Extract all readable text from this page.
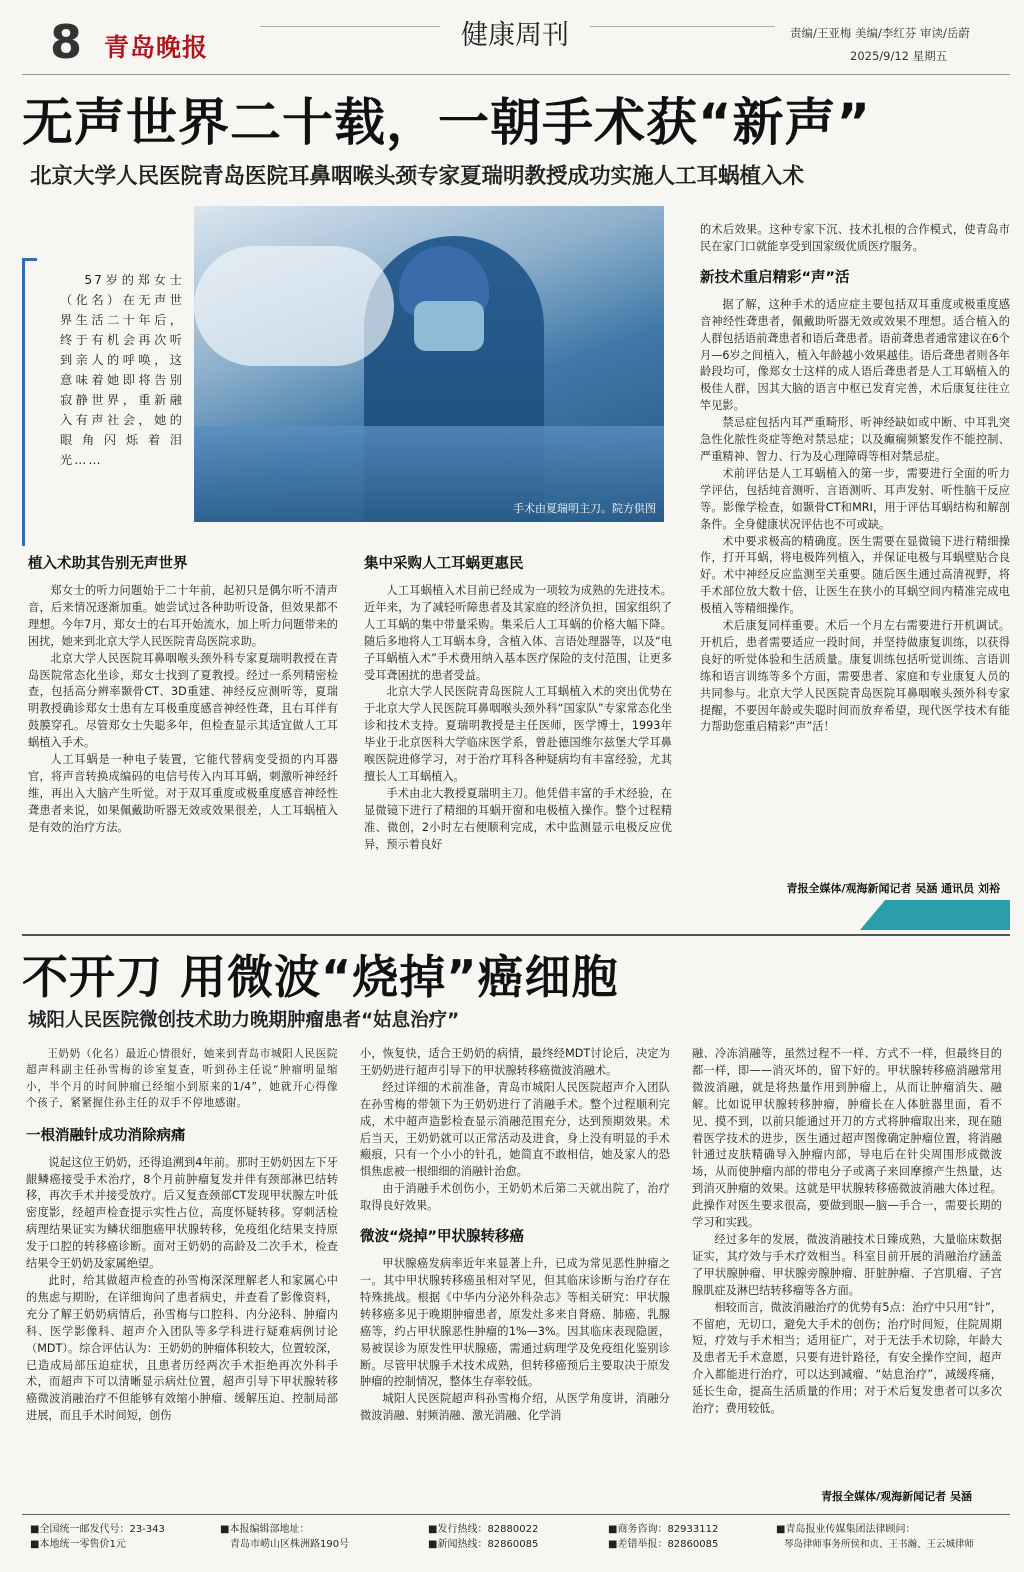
8 青岛晚报	健康周刊	责编/王亚梅 美编/李红芬 审读/岳蔚
2025/9/12 星期五
无声世界二十载，一朝手术获“新声”
北京大学人民医院青岛医院耳鼻咽喉头颈专家夏瑞明教授成功实施人工耳蜗植入术

57岁的郑女士（化名）在无声世界生活二十年后，终于有机会再次听到亲人的呼唤，这意味着她即将告别寂静世界，重新融入有声社会，她的眼角闪烁着泪光……

手术由夏瑞明主刀。院方供图
植入术助其告别无声世界

郑女士的听力问题始于二十年前，起初只是偶尔听不清声音，后来情况逐渐加重。她尝试过各种助听设备，但效果都不理想。今年7月，郑女士的右耳开始流水，加上听力问题带来的困扰，她来到北京大学人民医院青岛医院求助。

北京大学人民医院耳鼻咽喉头颈外科专家夏瑞明教授在青岛医院常态化坐诊，郑女士找到了夏教授。经过一系列精密检查，包括高分辨率颞骨CT、3D重建、神经反应测听等，夏瑞明教授确诊郑女士患有左耳极重度感音神经性聋，且右耳伴有鼓膜穿孔。尽管郑女士失聪多年，但检查显示其适宜做人工耳蜗植入手术。

人工耳蜗是一种电子装置，它能代替病变受损的内耳器官，将声音转换成编码的电信号传入内耳耳蜗，刺激听神经纤维，再出入大脑产生听觉。对于双耳重度或极重度感音神经性聋患者来说，如果佩戴助听器无效或效果很差，人工耳蜗植入是有效的治疗方法。

集中采购人工耳蜗更惠民

人工耳蜗植入术目前已经成为一项较为成熟的先进技术。近年来，为了减轻听障患者及其家庭的经济负担，国家组织了人工耳蜗的集中带量采购。集采后人工耳蜗的价格大幅下降。随后多地将人工耳蜗本身，含植入体、言语处理器等，以及“电子耳蜗植入术”手术费用纳入基本医疗保险的支付范围，让更多受耳聋困扰的患者受益。

北京大学人民医院青岛医院人工耳蜗植入术的突出优势在于北京大学人民医院耳鼻咽喉头颈外科“国家队”专家常态化坐诊和技术支持。夏瑞明教授是主任医师，医学博士，1993年毕业于北京医科大学临床医学系，曾赴德国维尔兹堡大学耳鼻喉医院进修学习，对于治疗耳科各种疑病均有丰富经验，尤其擅长人工耳蜗植入。

手术由北大教授夏瑞明主刀。他凭借丰富的手术经验，在显微镜下进行了精细的耳蜗开窗和电极植入操作。整个过程精准、微创，2小时左右便顺利完成，术中监测显示电极反应优异，预示着良好

的术后效果。这种专家下沉、技术扎根的合作模式，使青岛市民在家门口就能享受到国家级优质医疗服务。

新技术重启精彩“声”活

据了解，这种手术的适应症主要包括双耳重度或极重度感音神经性聋患者，佩戴助听器无效或效果不理想。适合植入的人群包括语前聋患者和语后聋患者。语前聋患者通常建议在6个月—6岁之间植入，植入年龄越小效果越佳。语后聋患者则各年龄段均可，像郑女士这样的成人语后聋患者是人工耳蜗植入的极佳人群，因其大脑的语言中枢已发育完善，术后康复往往立竿见影。

禁忌症包括内耳严重畸形、听神经缺如或中断、中耳乳突急性化脓性炎症等绝对禁忌症；以及癫痫频繁发作不能控制、严重精神、智力、行为及心理障碍等相对禁忌症。

术前评估是人工耳蜗植入的第一步，需要进行全面的听力学评估，包括纯音测听、言语测听、耳声发射、听性脑干反应等。影像学检查，如颞骨CT和MRI，用于评估耳蜗结构和解剖条件。全身健康状况评估也不可或缺。

术中要求极高的精确度。医生需要在显微镜下进行精细操作，打开耳蜗，将电极阵列植入，并保证电极与耳蜗壁贴合良好。术中神经反应监测至关重要。随后医生通过高清视野，将手术部位放大数十倍，让医生在狭小的耳蜗空间内精准完成电极植入等精细操作。

术后康复同样重要。术后一个月左右需要进行开机调试。开机后，患者需要适应一段时间，并坚持做康复训练，以获得良好的听觉体验和生活质量。康复训练包括听觉训练、言语训练和语言训练等多个方面，需要患者、家庭和专业康复人员的共同参与。北京大学人民医院青岛医院耳鼻咽喉头颈外科专家提醒，不要因年龄或失聪时间而放弃希望，现代医学技术有能力帮助您重启精彩“声”活！

青报全媒体/观海新闻记者 吴涵 通讯员 刘裕
不开刀 用微波“烧掉”癌细胞
城阳人民医院微创技术助力晚期肿瘤患者“姑息治疗”

王奶奶（化名）最近心情很好，她来到青岛市城阳人民医院超声科副主任孙雪梅的诊室复查，听到孙主任说“肿瘤明显缩小，半个月的时间肿瘤已经缩小到原来的1/4”，她就开心得像个孩子，紧紧握住孙主任的双手不停地感谢。

一根消融针成功消除病痛

说起这位王奶奶，还得追溯到4年前。那时王奶奶因左下牙龈鳞癌接受手术治疗，8个月前肿瘤复发并伴有颈部淋巴结转移，再次手术并接受放疗。后又复查颈部CT发现甲状腺左叶低密度影，经超声检查提示实性占位，高度怀疑转移。穿刺活检病理结果证实为鳞状细胞癌甲状腺转移，免疫组化结果支持原发于口腔的转移癌诊断。面对王奶奶的高龄及二次手术，检查结果令王奶奶及家属绝望。

此时，给其做超声检查的孙雪梅深深理解老人和家属心中的焦虑与期盼，在详细询问了患者病史，并查看了影像资料，充分了解王奶奶病情后，孙雪梅与口腔科、内分泌科、肿瘤内科、医学影像科、超声介入团队等多学科进行疑难病例讨论（MDT）。综合评估认为：王奶奶的肿瘤体积较大，位置较深，已造成局部压迫症状，且患者历经两次手术拒绝再次外科手术，而超声下可以清晰显示病灶位置，超声引导下甲状腺转移癌微波消融治疗不但能够有效缩小肿瘤、缓解压迫、控制局部进展，而且手术时间短，创伤

小，恢复快，适合王奶奶的病情，最终经MDT讨论后，决定为王奶奶进行超声引导下的甲状腺转移癌微波消融术。

经过详细的术前准备，青岛市城阳人民医院超声介入团队在孙雪梅的带领下为王奶奶进行了消融手术。整个过程顺利完成，术中超声造影检查显示消融范围充分，达到预期效果。术后当天，王奶奶就可以正常活动及进食，身上没有明显的手术瘢痕，只有一个小小的针孔，她简直不敢相信，她及家人的恐惧焦虑被一根细细的消融针治愈。

由于消融手术创伤小，王奶奶术后第二天就出院了，治疗取得良好效果。

微波“烧掉”甲状腺转移癌

甲状腺癌发病率近年来显著上升，已成为常见恶性肿瘤之一。其中甲状腺转移癌虽相对罕见，但其临床诊断与治疗存在特殊挑战。根据《中华内分泌外科杂志》等相关研究：甲状腺转移癌多见于晚期肿瘤患者，原发灶多来自肾癌、肺癌、乳腺癌等，约占甲状腺恶性肿瘤的1%—3%。因其临床表现隐匿，易被误诊为原发性甲状腺癌，需通过病理学及免疫组化鉴别诊断。尽管甲状腺手术技术成熟，但转移癌预后主要取决于原发肿瘤的控制情况，整体生存率较低。

城阳人民医院超声科孙雪梅介绍，从医学角度讲，消融分微波消融、射频消融、激光消融、化学消

融、冷冻消融等，虽然过程不一样、方式不一样，但最终目的都一样，即——消灭坏的，留下好的。甲状腺转移癌消融常用微波消融，就是将热量作用到肿瘤上，从而让肿瘤消失、融解。比如说甲状腺转移肿瘤，肿瘤长在人体脏器里面，看不见、摸不到，以前只能通过开刀的方式将肿瘤取出来，现在随着医学技术的进步，医生通过超声图像确定肿瘤位置，将消融针通过皮肤精确导入肿瘤内部，导电后在针尖周围形成微波场，从而使肿瘤内部的带电分子或离子来回摩擦产生热量，达到消灭肿瘤的效果。这就是甲状腺转移癌微波消融大体过程。此操作对医生要求很高，要做到眼—脑—手合一，需要长期的学习和实践。

经过多年的发展，微波消融技术日臻成熟，大量临床数据证实，其疗效与手术疗效相当。科室目前开展的消融治疗涵盖了甲状腺肿瘤、甲状腺旁腺肿瘤、肝脏肿瘤、子宫肌瘤、子宫腺肌症及淋巴结转移瘤等各方面。

相较而言，微波消融治疗的优势有5点：治疗中只用“针”，不留疤，无切口，避免大手术的创伤；治疗时间短，住院周期短，疗效与手术相当；适用征广，对于无法手术切除，年龄大及患者无手术意愿，只要有进针路径，有安全操作空间，超声介入都能进行治疗，可以达到减瘤、“姑息治疗”，减缓疼痛，延长生命，提高生活质量的作用；对于术后复发患者可以多次治疗；费用较低。

青报全媒体/观海新闻记者 吴涵
■全国统一邮发代号：23-343
■本地统一零售价1元
■本报编辑部地址：
青岛市崂山区株洲路190号
■发行热线：82880022
■新闻热线：82860085
■商务咨询：82933112
■差错举报：82860085
■青岛报业传媒集团法律顾问：
琴岛律师事务所侯和贞、王书瀚、王云城律师
